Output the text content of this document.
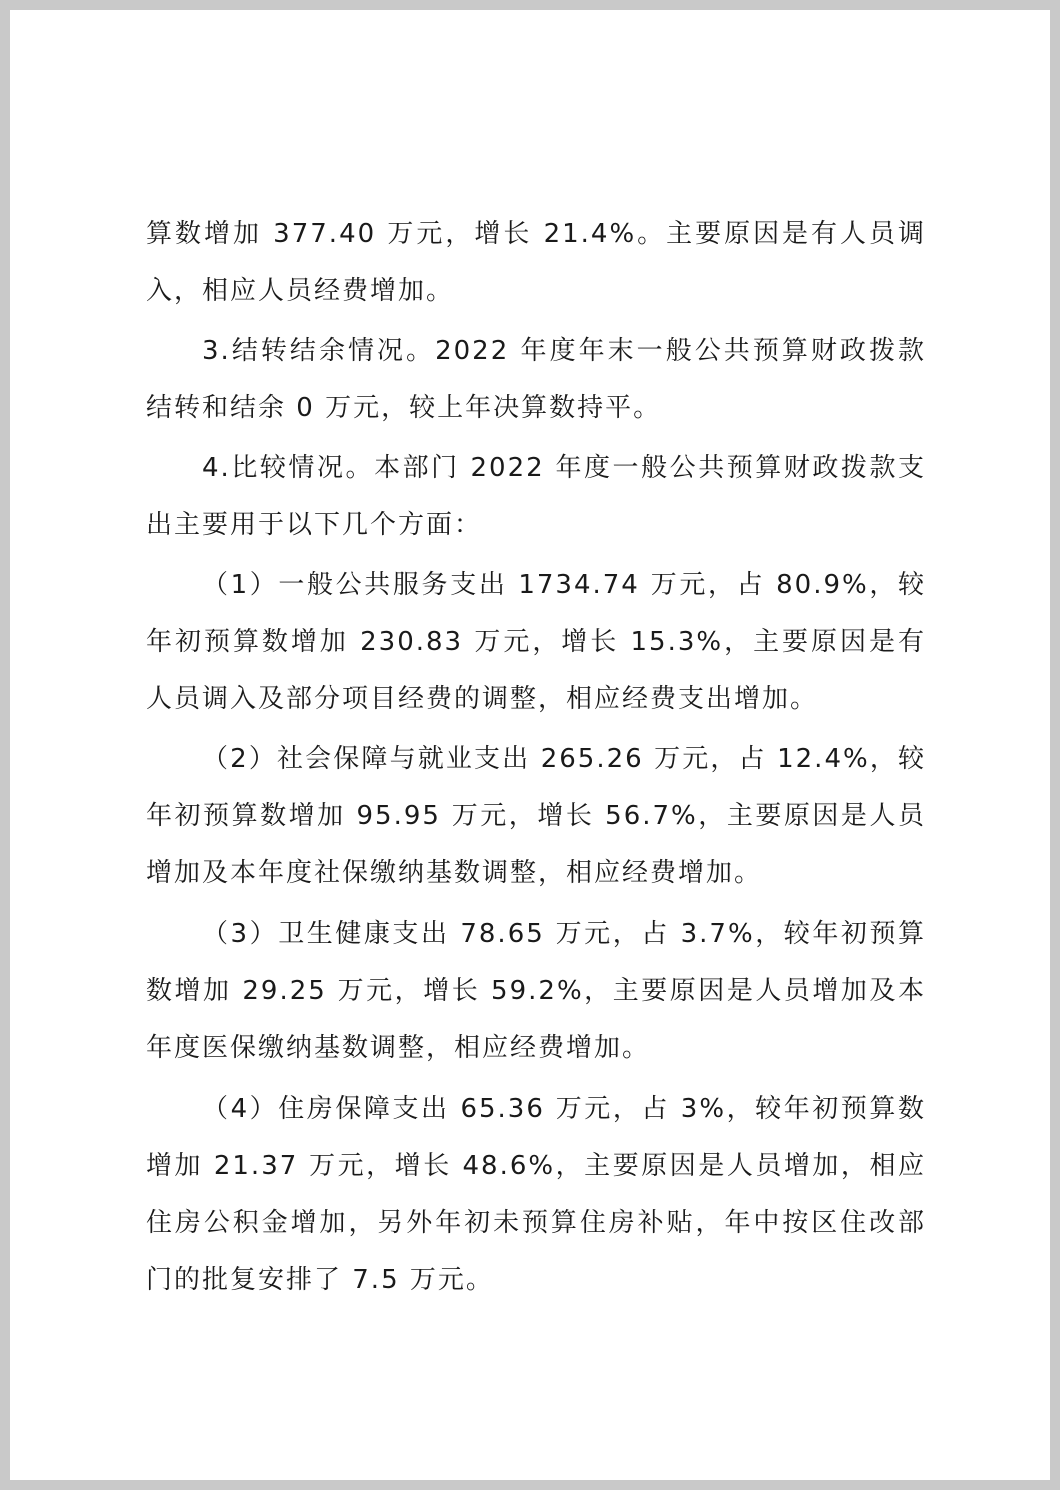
算数增加 377.40 万元，增长 21.4%。主要原因是有人员调入，相应人员经费增加。

3.结转结余情况。2022 年度年末一般公共预算财政拨款结转和结余 0 万元，较上年决算数持平。

4.比较情况。本部门 2022 年度一般公共预算财政拨款支出主要用于以下几个方面：

（1）一般公共服务支出 1734.74 万元，占 80.9%，较年初预算数增加 230.83 万元，增长 15.3%，主要原因是有人员调入及部分项目经费的调整，相应经费支出增加。

（2）社会保障与就业支出 265.26 万元，占 12.4%，较年初预算数增加 95.95 万元，增长 56.7%，主要原因是人员增加及本年度社保缴纳基数调整，相应经费增加。

（3）卫生健康支出 78.65 万元，占 3.7%，较年初预算数增加 29.25 万元，增长 59.2%，主要原因是人员增加及本年度医保缴纳基数调整，相应经费增加。

（4）住房保障支出 65.36 万元，占 3%，较年初预算数增加 21.37 万元，增长 48.6%，主要原因是人员增加，相应住房公积金增加，另外年初未预算住房补贴，年中按区住改部门的批复安排了 7.5 万元。
